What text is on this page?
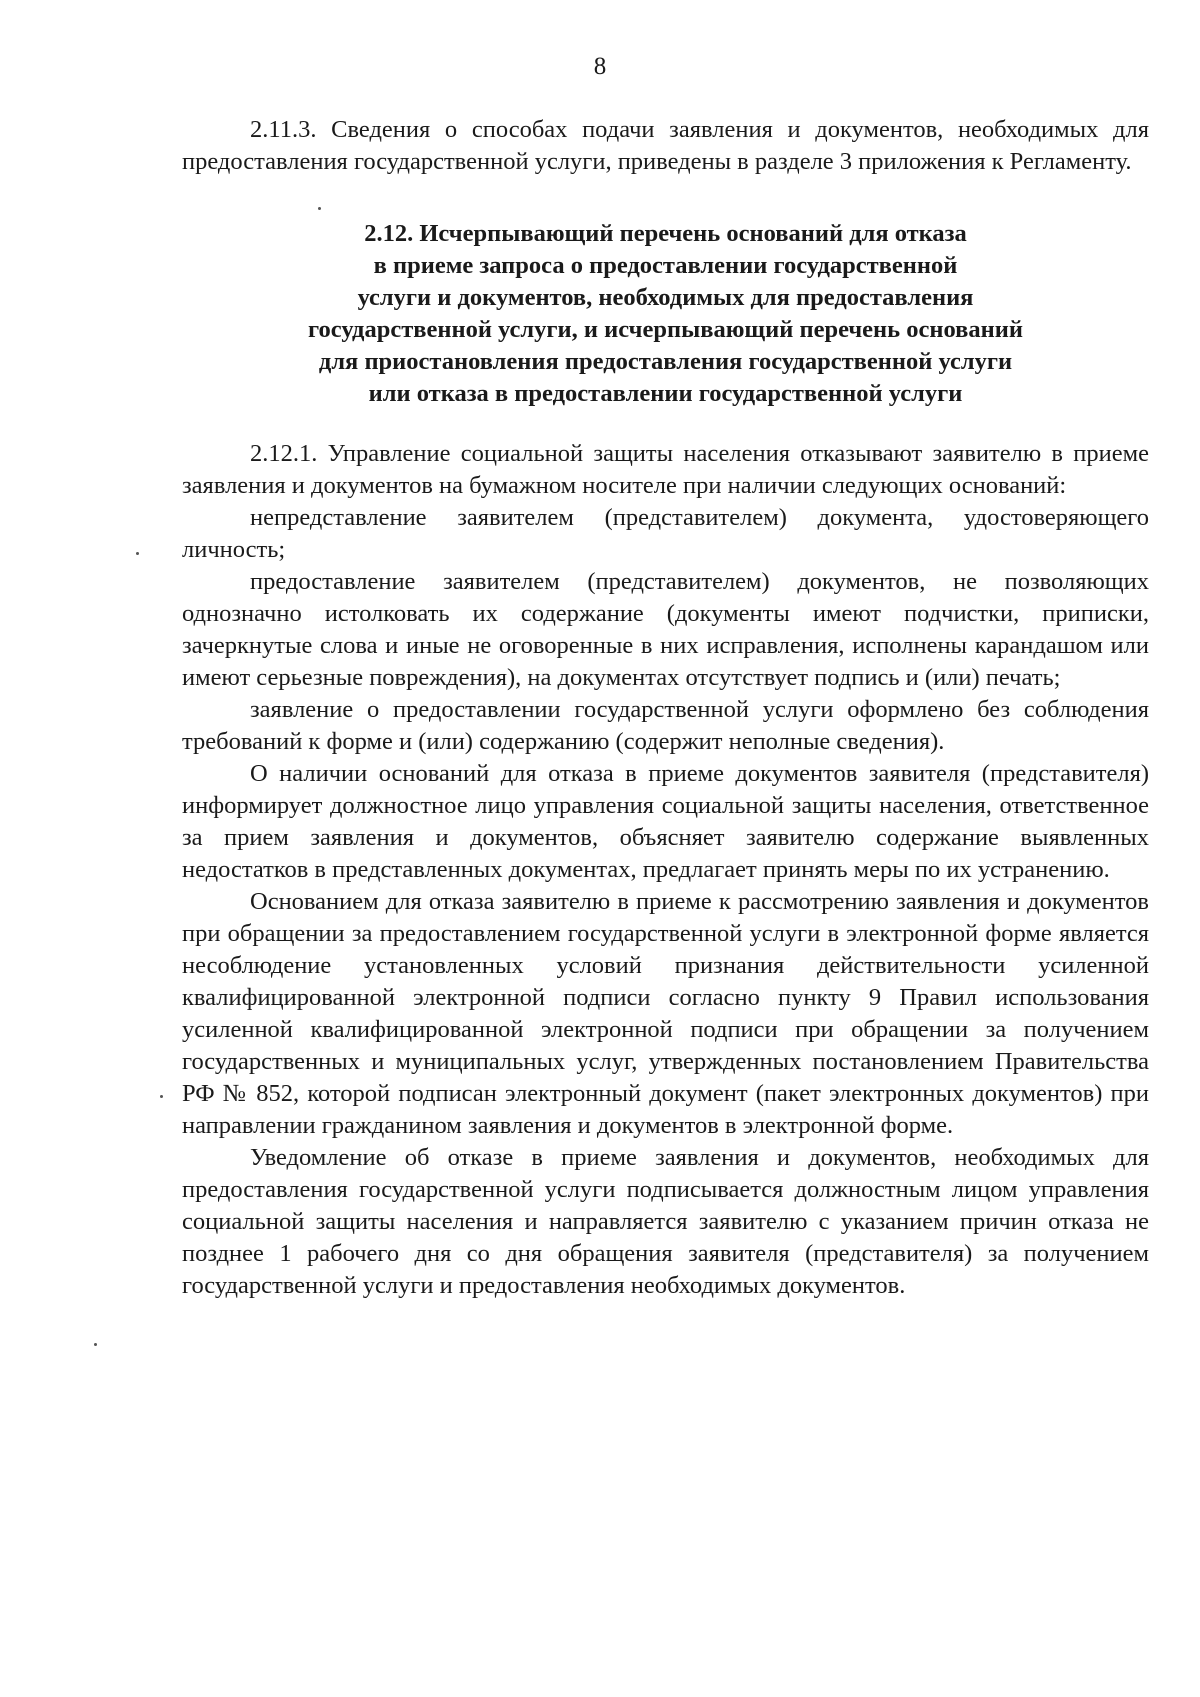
8

2.11.3. Сведения о способах подачи заявления и документов, необходимых для предоставления государственной услуги, приведены в разделе 3 приложения к Регламенту.

2.12. Исчерпывающий перечень оснований для отказа
в приеме запроса о предоставлении государственной
услуги и документов, необходимых для предоставления
государственной услуги, и исчерпывающий перечень оснований
для приостановления предоставления государственной услуги
или отказа в предоставлении государственной услуги

2.12.1. Управление социальной защиты населения отказывают заявителю в приеме заявления и документов на бумажном носителе при наличии следующих оснований:

непредставление заявителем (представителем) документа, удостоверяющего личность;

предоставление заявителем (представителем) документов, не позволяющих однозначно истолковать их содержание (документы имеют подчистки, приписки, зачеркнутые слова и иные не оговоренные в них исправления, исполнены карандашом или имеют серьезные повреждения), на документах отсутствует подпись и (или) печать;

заявление о предоставлении государственной услуги оформлено без соблюдения требований к форме и (или) содержанию (содержит неполные сведения).

О наличии оснований для отказа в приеме документов заявителя (представителя) информирует должностное лицо управления социальной защиты населения, ответственное за прием заявления и документов, объясняет заявителю содержание выявленных недостатков в представленных документах, предлагает принять меры по их устранению.

Основанием для отказа заявителю в приеме к рассмотрению заявления и документов при обращении за предоставлением государственной услуги в электронной форме является несоблюдение установленных условий признания действительности усиленной квалифицированной электронной подписи согласно пункту 9 Правил использования усиленной квалифицированной электронной подписи при обращении за получением государственных и муниципальных услуг, утвержденных постановлением Правительства РФ № 852, которой подписан электронный документ (пакет электронных документов) при направлении гражданином заявления и документов в электронной форме.

Уведомление об отказе в приеме заявления и документов, необходимых для предоставления государственной услуги подписывается должностным лицом управления социальной защиты населения и направляется заявителю с указанием причин отказа не позднее 1 рабочего дня со дня обращения заявителя (представителя) за получением государственной услуги и предоставления необходимых документов.
